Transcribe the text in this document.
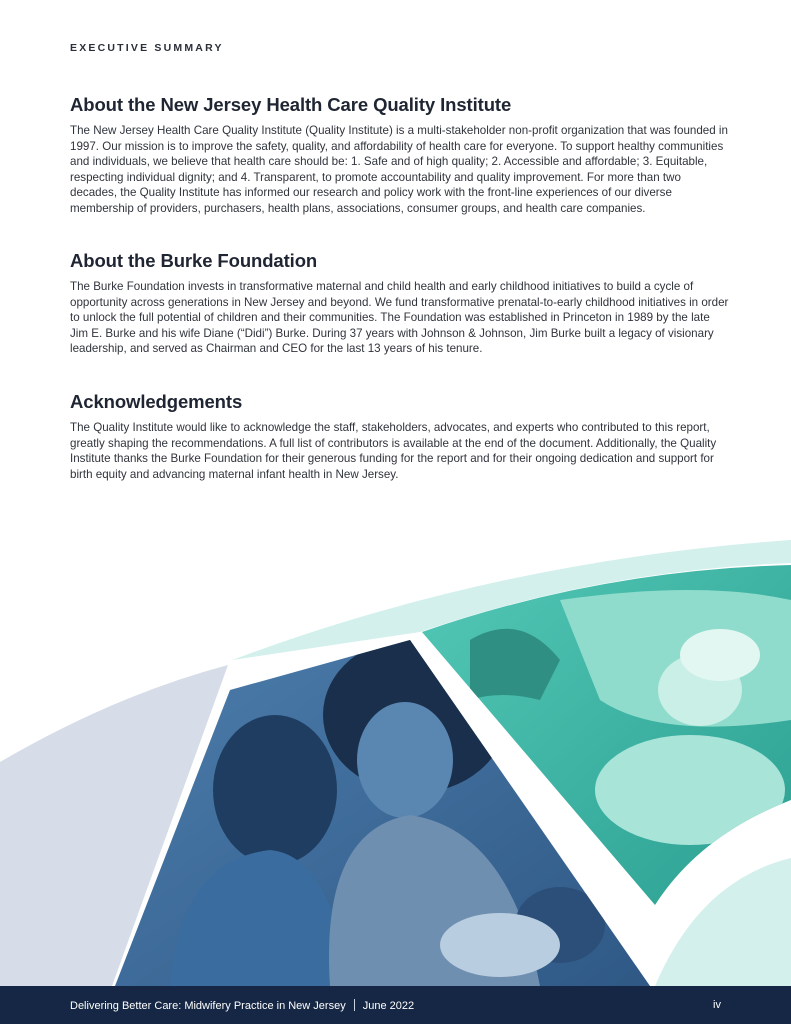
EXECUTIVE SUMMARY
About the New Jersey Health Care Quality Institute

The New Jersey Health Care Quality Institute (Quality Institute) is a multi-stakeholder non-profit organization that was founded in 1997. Our mission is to improve the safety, quality, and affordability of health care for everyone. To support healthy communities and individuals, we believe that health care should be: 1. Safe and of high quality; 2. Accessible and affordable; 3. Equitable, respecting individual dignity; and 4. Transparent, to promote accountability and quality improvement. For more than two decades, the Quality Institute has informed our research and policy work with the front-line experiences of our diverse membership of providers, purchasers, health plans, associations, consumer groups, and health care companies.

About the Burke Foundation

The Burke Foundation invests in transformative maternal and child health and early childhood initiatives to build a cycle of opportunity across generations in New Jersey and beyond. We fund transformative prenatal-to-early childhood initiatives in order to unlock the full potential of children and their communities. The Foundation was established in Princeton in 1989 by the late Jim E. Burke and his wife Diane (“Didi”) Burke. During 37 years with Johnson & Johnson, Jim Burke built a legacy of visionary leadership, and served as Chairman and CEO for the last 13 years of his tenure.

Acknowledgements

The Quality Institute would like to acknowledge the staff, stakeholders, advocates, and experts who contributed to this report, greatly shaping the recommendations. A full list of contributors is available at the end of the document. Additionally, the Quality Institute thanks the Burke Foundation for their generous funding for the report and for their ongoing dedication and support for birth equity and advancing maternal infant health in New Jersey.

Delivering Better Care: Midwifery Practice in New Jersey June 2022	iv
